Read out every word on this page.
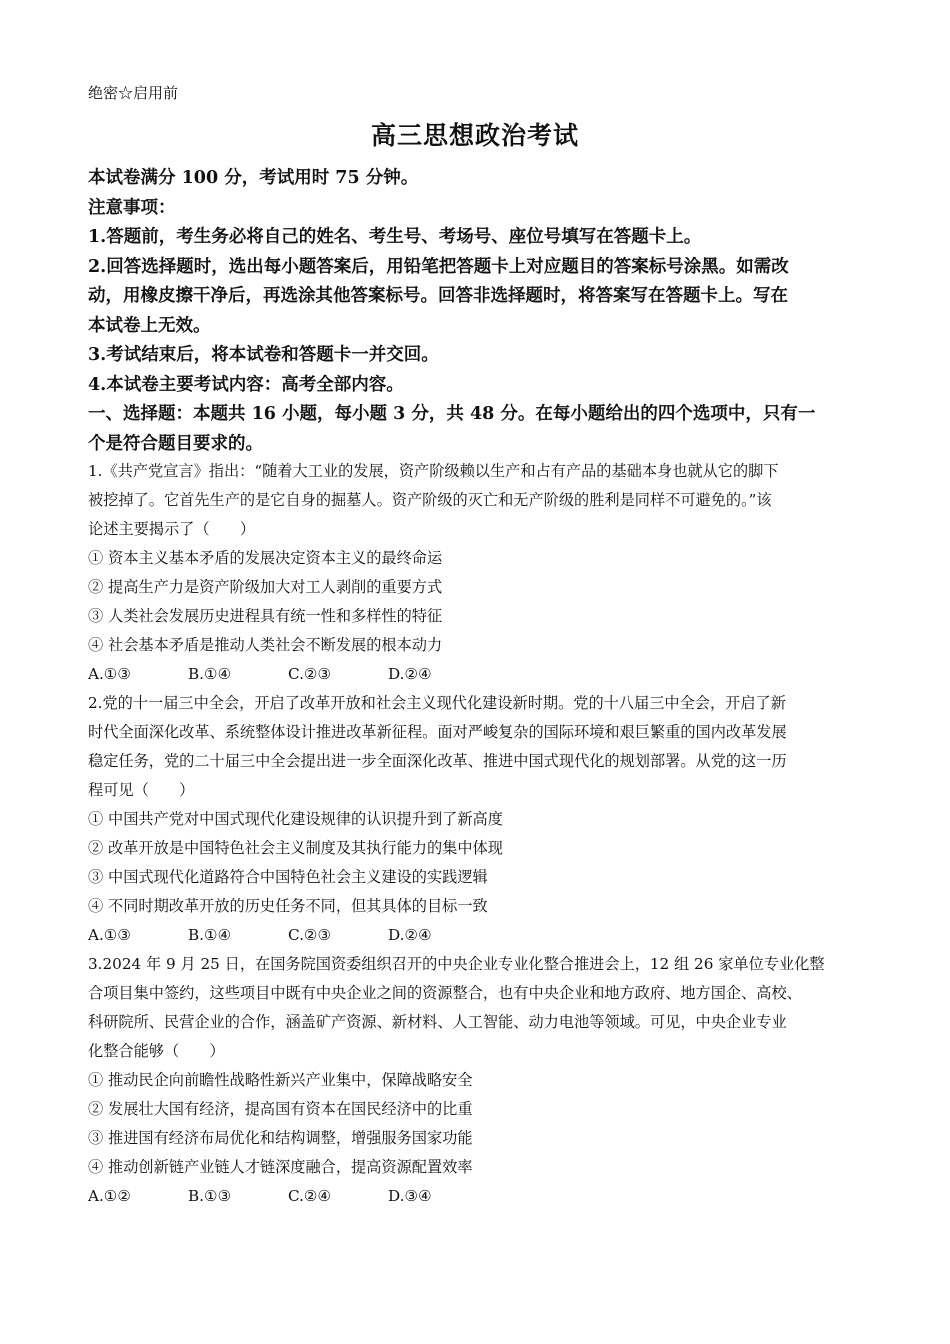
绝密☆启用前
高三思想政治考试

本试卷满分 100 分，考试用时 75 分钟。

注意事项：

1.答题前，考生务必将自己的姓名、考生号、考场号、座位号填写在答题卡上。

2.回答选择题时，选出每小题答案后，用铅笔把答题卡上对应题目的答案标号涂黑。如需改

动，用橡皮擦干净后，再选涂其他答案标号。回答非选择题时，将答案写在答题卡上。写在

本试卷上无效。

3.考试结束后，将本试卷和答题卡一并交回。

4.本试卷主要考试内容：高考全部内容。

一、选择题：本题共 16 小题，每小题 3 分，共 48 分。在每小题给出的四个选项中，只有一

个是符合题目要求的。

1.《共产党宣言》指出：“随着大工业的发展，资产阶级赖以生产和占有产品的基础本身也就从它的脚下

被挖掉了。它首先生产的是它自身的掘墓人。资产阶级的灭亡和无产阶级的胜利是同样不可避免的。”该

论述主要揭示了（　　）

① 资本主义基本矛盾的发展决定资本主义的最终命运
② 提高生产力是资产阶级加大对工人剥削的重要方式
③ 人类社会发展历史进程具有统一性和多样性的特征
④ 社会基本矛盾是推动人类社会不断发展的根本动力
A.①③	B.①④	C.②③	D.②④

2.党的十一届三中全会，开启了改革开放和社会主义现代化建设新时期。党的十八届三中全会，开启了新

时代全面深化改革、系统整体设计推进改革新征程。面对严峻复杂的国际环境和艰巨繁重的国内改革发展

稳定任务，党的二十届三中全会提出进一步全面深化改革、推进中国式现代化的规划部署。从党的这一历

程可见（　　）

① 中国共产党对中国式现代化建设规律的认识提升到了新高度
② 改革开放是中国特色社会主义制度及其执行能力的集中体现
③ 中国式现代化道路符合中国特色社会主义建设的实践逻辑
④ 不同时期改革开放的历史任务不同，但其具体的目标一致
A.①③	B.①④	C.②③	D.②④

3.2024 年 9 月 25 日，在国务院国资委组织召开的中央企业专业化整合推进会上，12 组 26 家单位专业化整

合项目集中签约，这些项目中既有中央企业之间的资源整合，也有中央企业和地方政府、地方国企、高校、

科研院所、民营企业的合作，涵盖矿产资源、新材料、人工智能、动力电池等领域。可见，中央企业专业

化整合能够（　　）

① 推动民企向前瞻性战略性新兴产业集中，保障战略安全
② 发展壮大国有经济，提高国有资本在国民经济中的比重
③ 推进国有经济布局优化和结构调整，增强服务国家功能
④ 推动创新链产业链人才链深度融合，提高资源配置效率
A.①②	B.①③	C.②④	D.③④
